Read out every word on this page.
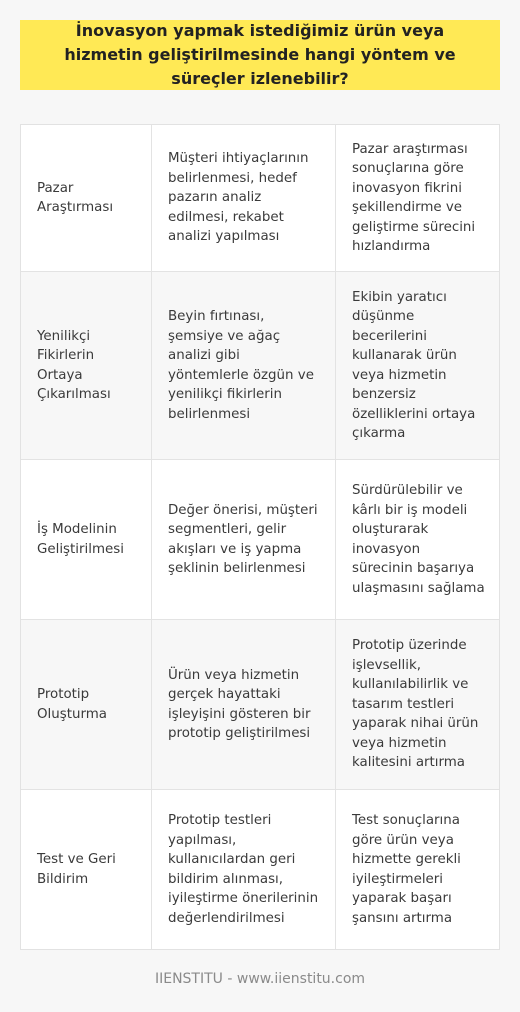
İnovasyon yapmak istediğimiz ürün veya hizmetin geliştirilmesinde hangi yöntem ve süreçler izlenebilir?
Pazar Araştırması
Müşteri ihtiyaçlarının belirlenmesi, hedef pazarın analiz edilmesi, rekabet analizi yapılması
Pazar araştırması sonuçlarına göre inovasyon fikrini şekillendirme ve geliştirme sürecini hızlandırma
Yenilikçi Fikirlerin Ortaya Çıkarılması
Beyin fırtınası, şemsiye ve ağaç analizi gibi yöntemlerle özgün ve yenilikçi fikirlerin belirlenmesi
Ekibin yaratıcı düşünme becerilerini kullanarak ürün veya hizmetin benzersiz özelliklerini ortaya çıkarma
İş Modelinin Geliştirilmesi
Değer önerisi, müşteri segmentleri, gelir akışları ve iş yapma şeklinin belirlenmesi
Sürdürülebilir ve kârlı bir iş modeli oluşturarak inovasyon sürecinin başarıya ulaşmasını sağlama
Prototip Oluşturma
Ürün veya hizmetin gerçek hayattaki işleyişini gösteren bir prototip geliştirilmesi
Prototip üzerinde işlevsellik, kullanılabilirlik ve tasarım testleri yaparak nihai ürün veya hizmetin kalitesini artırma
Test ve Geri Bildirim
Prototip testleri yapılması, kullanıcılardan geri bildirim alınması, iyileştirme önerilerinin değerlendirilmesi
Test sonuçlarına göre ürün veya hizmette gerekli iyileştirmeleri yaparak başarı şansını artırma
IIENSTITU - www.iienstitu.com
